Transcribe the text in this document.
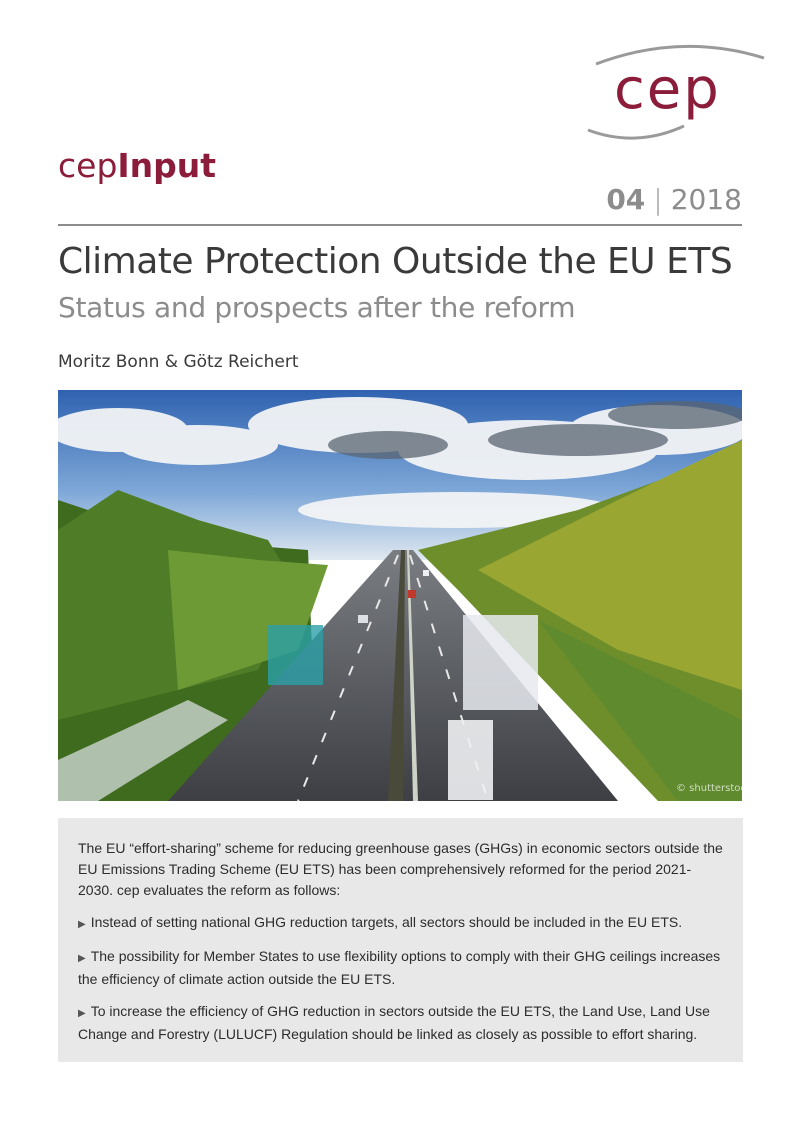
cep
cepInput
04 | 2018
Climate Protection Outside the EU ETS
Status and prospects after the reform
Moritz Bonn & Götz Reichert
© shutterstock

The EU “effort-sharing” scheme for reducing greenhouse gases (GHGs) in economic sectors outside the EU Emissions Trading Scheme (EU ETS) has been comprehensively reformed for the period 2021-2030. cep evaluates the reform as follows:

▶ Instead of setting national GHG reduction targets, all sectors should be included in the EU ETS.

▶ The possibility for Member States to use flexibility options to comply with their GHG ceilings increases the efficiency of climate action outside the EU ETS.

▶ To increase the efficiency of GHG reduction in sectors outside the EU ETS, the Land Use, Land Use Change and Forestry (LULUCF) Regulation should be linked as closely as possible to effort sharing.
